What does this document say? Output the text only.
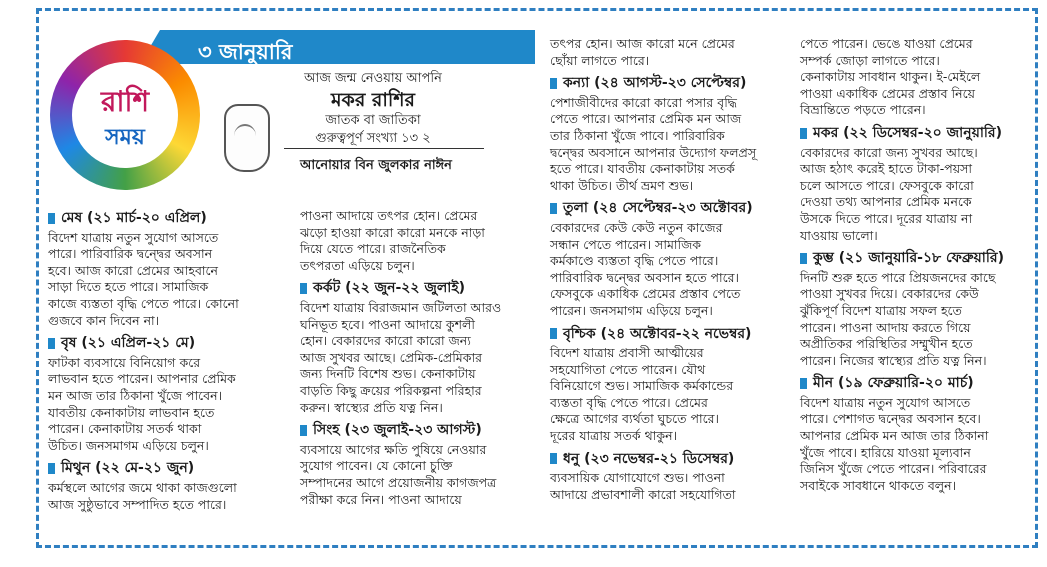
৩ জানুয়ারি
রাশি
সময়
আজ জন্ম নেওয়ায় আপনি
মকর রাশির
জাতক বা জাতিকা
গুরুত্বপূর্ণ সংখ্যা ১৩ ২
আনোয়ার বিন জুলকার নাঈন
মেষ (২১ মার্চ-২০ এপ্রিল)
বিদেশ যাত্রায় নতুন সুযোগ আসতে
পারে। পারিবারিক দ্বন্দ্বের অবসান
হবে। আজ কারো প্রেমের আহবানে
সাড়া দিতে হতে পারে। সামাজিক
কাজে ব্যস্ততা বৃদ্ধি পেতে পারে। কোনো
গুজবে কান দিবেন না।
বৃষ (২১ এপ্রিল-২১ মে)
ফাটকা ব্যবসায়ে বিনিয়োগ করে
লাভবান হতে পারেন। আপনার প্রেমিক
মন আজ তার ঠিকানা খুঁজে পাবেন।
যাবতীয় কেনাকাটায় লাভবান হতে
পারেন। কেনাকাটায় সতর্ক থাকা
উচিত। জনসমাগম এড়িয়ে চলুন।
মিথুন (২২ মে-২১ জুন)
কর্মস্থলে আগের জমে থাকা কাজগুলো
আজ সুষ্ঠুভাবে সম্পাদিত হতে পারে।
পাওনা আদায়ে তৎপর হোন। প্রেমের
ঝড়ো হাওয়া কারো কারো মনকে নাড়া
দিয়ে যেতে পারে। রাজনৈতিক
তৎপরতা এড়িয়ে চলুন।
কর্কট (২২ জুন-২২ জুলাই)
বিদেশ যাত্রায় বিরাজমান জটিলতা আরও
ঘনিভূত হবে। পাওনা আদায়ে কুশলী
হোন। বেকারদের কারো কারো জন্য
আজ সুখবর আছে। প্রেমিক-প্রেমিকার
জন্য দিনটি বিশেষ শুভ। কেনাকাটায়
বাড়তি কিছু ক্রয়ের পরিকল্পনা পরিহার
করুন। স্বাস্থ্যের প্রতি যত্ন নিন।
সিংহ (২৩ জুলাই-২৩ আগস্ট)
ব্যবসায়ে আগের ক্ষতি পুষিয়ে নেওয়ার
সুযোগ পাবেন। যে কোনো চুক্তি
সম্পাদনের আগে প্রয়োজনীয় কাগজপত্র
পরীক্ষা করে নিন। পাওনা আদায়ে
তৎপর হোন। আজ কারো মনে প্রেমের
ছোঁয়া লাগতে পারে।
কন্যা (২৪ আগস্ট-২৩ সেপ্টেম্বর)
পেশাজীবীদের কারো কারো পসার বৃদ্ধি
পেতে পারে। আপনার প্রেমিক মন আজ
তার ঠিকানা খুঁজে পাবে। পারিবারিক
দ্বন্দ্বের অবসানে আপনার উদ্যোগ ফলপ্রসূ
হতে পারে। যাবতীয় কেনাকাটায় সতর্ক
থাকা উচিত। তীর্থ ভ্রমণ শুভ।
তুলা (২৪ সেপ্টেম্বর-২৩ অক্টোবর)
বেকারদের কেউ কেউ নতুন কাজের
সন্ধান পেতে পারেন। সামাজিক
কর্মকাণ্ডে ব্যস্ততা বৃদ্ধি পেতে পারে।
পারিবারিক দ্বন্দ্বের অবসান হতে পারে।
ফেসবুকে একাধিক প্রেমের প্রস্তাব পেতে
পারেন। জনসমাগম এড়িয়ে চলুন।
বৃশ্চিক (২৪ অক্টোবর-২২ নভেম্বর)
বিদেশ যাত্রায় প্রবাসী আত্মীয়ের
সহযোগিতা পেতে পারেন। যৌথ
বিনিয়োগে শুভ। সামাজিক কর্মকান্ডের
ব্যস্ততা বৃদ্ধি পেতে পারে। প্রেমের
ক্ষেত্রে আগের ব্যর্থতা ঘুচতে পারে।
দূরের যাত্রায় সতর্ক থাকুন।
ধনু (২৩ নভেম্বর-২১ ডিসেম্বর)
ব্যবসায়িক যোগাযোগে শুভ। পাওনা
আদায়ে প্রভাবশালী কারো সহযোগিতা
পেতে পারেন। ভেঙে যাওয়া প্রেমের
সম্পর্ক জোড়া লাগতে পারে।
কেনাকাটায় সাবধান থাকুন। ই-মেইলে
পাওয়া একাধিক প্রেমের প্রস্তাব নিয়ে
বিভ্রান্তিতে পড়তে পারেন।
মকর (২২ ডিসেম্বর-২০ জানুয়ারি)
বেকারদের কারো জন্য সুখবর আছে।
আজ হঠাৎ করেই হাতে টাকা-পয়সা
চলে আসতে পারে। ফেসবুকে কারো
দেওয়া তথ্য আপনার প্রেমিক মনকে
উসকে দিতে পারে। দূরের যাত্রায় না
যাওয়ায় ভালো।
কুম্ভ (২১ জানুয়ারি-১৮ ফেব্রুয়ারি)
দিনটি শুরু হতে পারে প্রিয়জনদের কাছে
পাওয়া সুখবর দিয়ে। বেকারদের কেউ
ঝুঁকিপূর্ণ বিদেশ যাত্রায় সফল হতে
পারেন। পাওনা আদায় করতে গিয়ে
অপ্রীতিকর পরিস্থিতির সম্মুখীন হতে
পারেন। নিজের স্বাস্থ্যের প্রতি যত্ন নিন।
মীন (১৯ ফেব্রুয়ারি-২০ মার্চ)
বিদেশ যাত্রায় নতুন সুযোগ আসতে
পারে। পেশাগত দ্বন্দ্বের অবসান হবে।
আপনার প্রেমিক মন আজ তার ঠিকানা
খুঁজে পাবে। হারিয়ে যাওয়া মূল্যবান
জিনিস খুঁজে পেতে পারেন। পরিবারের
সবাইকে সাবধানে থাকতে বলুন।
